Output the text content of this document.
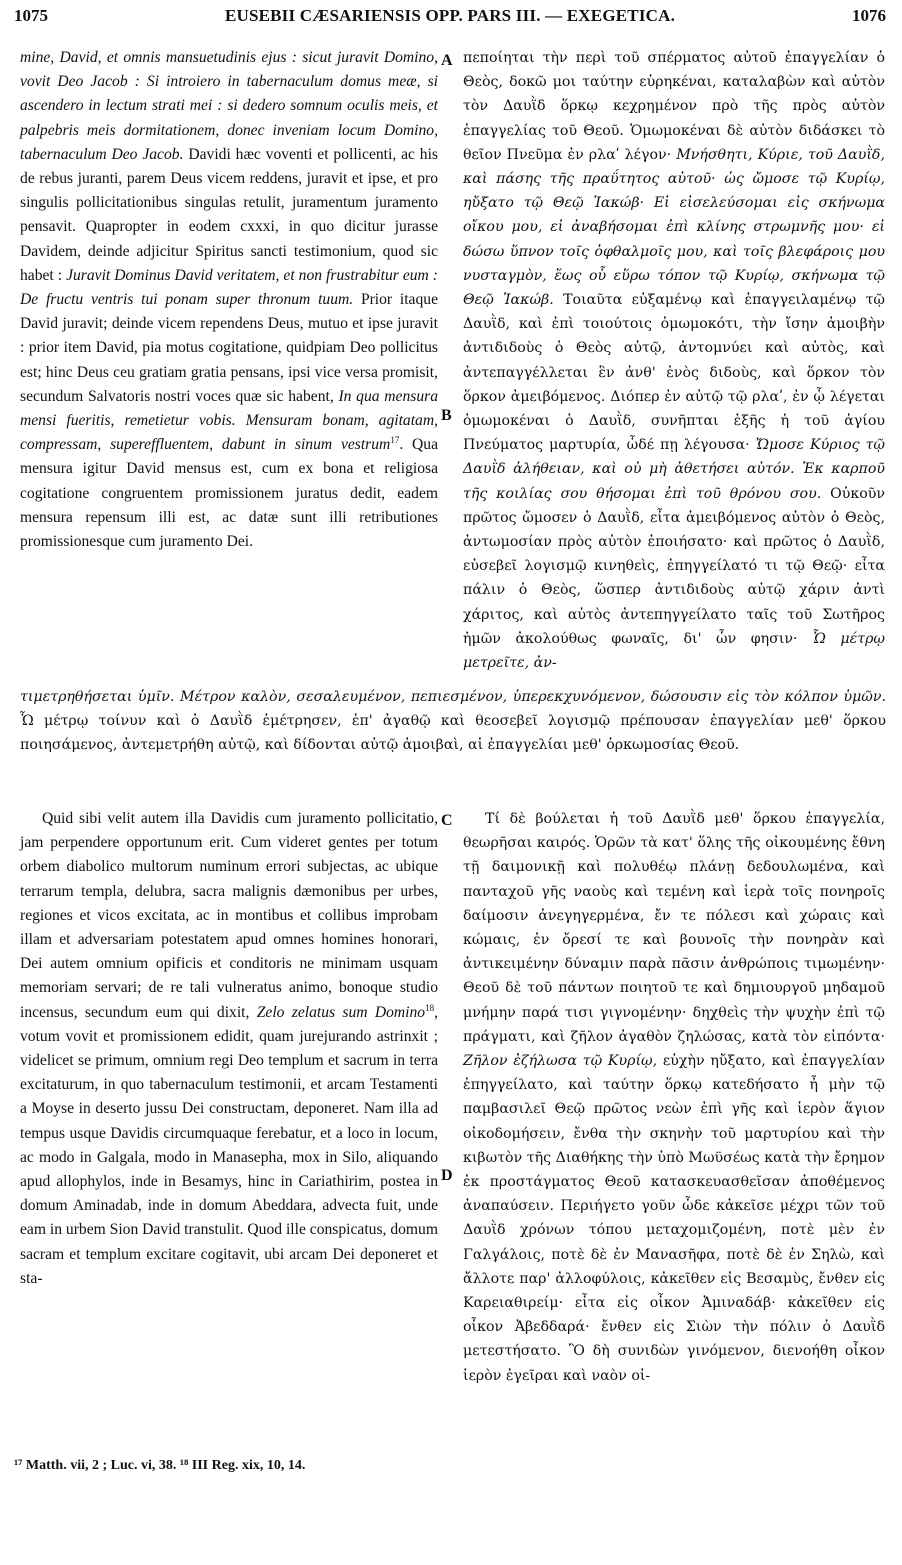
1075	EUSEBII CÆSARIENSIS OPP. PARS III. — EXEGETICA.	1076
A
B
C
D

mine, David, et omnis mansuetudinis ejus : sicut juravit Domino, vovit Deo Jacob : Si introiero in tabernaculum domus meæ, si ascendero in lectum strati mei : si dedero somnum oculis meis, et palpebris meis dormitationem, donec inveniam locum Domino, tabernaculum Deo Jacob. Davidi hæc voventi et pollicenti, ac his de rebus juranti, parem Deus vicem reddens, juravit et ipse, et pro singulis pollicitationibus singulas retulit, juramentum juramento pensavit. Quapropter in eodem cxxxi, in quo dicitur jurasse Davidem, deinde adjicitur Spiritus sancti testimonium, quod sic habet : Juravit Dominus David veritatem, et non frustrabitur eum : De fructu ventris tui ponam super thronum tuum. Prior itaque David juravit; deinde vicem rependens Deus, mutuo et ipse juravit : prior item David, pia motus cogitatione, quidpiam Deo pollicitus est; hinc Deus ceu gratiam gratia pensans, ipsi vice versa promisit, secundum Salvatoris nostri voces quæ sic habent, In qua mensura mensi fueritis, remetietur vobis. Mensuram bonam, agitatam, compressam, supereffluentem, dabunt in sinum vestrum$^{17}$. Qua mensura igitur David mensus est, cum ex bona et religiosa cogitatione congruentem promissionem juratus dedit, eadem mensura repensum illi est, ac datæ sunt illi retributiones promissionesque cum juramento Dei.

πεποίηται τὴν περὶ τοῦ σπέρματος αὐτοῦ ἐπαγγελίαν ὁ Θεὸς, δοκῶ μοι ταύτην εὑρηκέναι, καταλαβὼν καὶ αὐτὸν τὸν Δαυῒδ ὅρκῳ κεχρημένον πρὸ τῆς πρὸς αὐτὸν ἐπαγγελίας τοῦ Θεοῦ. Ὁμωμοκέναι δὲ αὐτὸν διδάσκει τὸ θεῖον Πνεῦμα ἐν ρλαʹ λέγον· Μνήσθητι, Κύριε, τοῦ Δαυῒδ, καὶ πάσης τῆς πραΰτητος αὐτοῦ· ὡς ὤμοσε τῷ Κυρίῳ, ηὔξατο τῷ Θεῷ Ἰακώβ· Εἰ εἰσελεύσομαι εἰς σκήνωμα οἴκου μου, εἰ ἀναβήσομαι ἐπὶ κλίνης στρωμνῆς μου· εἰ δώσω ὕπνον τοῖς ὀφθαλμοῖς μου, καὶ τοῖς βλεφάροις μου νυσταγμὸν, ἕως οὗ εὕρω τόπον τῷ Κυρίῳ, σκήνωμα τῷ Θεῷ Ἰακώβ. Τοιαῦτα εὐξαμένῳ καὶ ἐπαγγειλαμένῳ τῷ Δαυῒδ, καὶ ἐπὶ τοιούτοις ὀμωμοκότι, τὴν ἴσην ἀμοιβὴν ἀντιδιδοὺς ὁ Θεὸς αὐτῷ, ἀντομνύει καὶ αὐτὸς, καὶ ἀντεπαγγέλλεται ἓν ἀνθ' ἑνὸς διδοὺς, καὶ ὅρκον τὸν ὅρκον ἀμειβόμενος. Διόπερ ἐν αὐτῷ τῷ ρλαʹ, ἐν ᾧ λέγεται ὁμωμοκέναι ὁ Δαυῒδ, συνῆπται ἑξῆς ἡ τοῦ ἁγίου Πνεύματος μαρτυρία, ὧδέ πῃ λέγουσα· Ὤμοσε Κύριος τῷ Δαυῒδ ἀλήθειαν, καὶ οὐ μὴ ἀθετήσει αὐτόν. Ἐκ καρποῦ τῆς κοιλίας σου θήσομαι ἐπὶ τοῦ θρόνου σου. Οὐκοῦν πρῶτος ὤμοσεν ὁ Δαυῒδ, εἶτα ἀμειβόμενος αὐτὸν ὁ Θεὸς, ἀντωμοσίαν πρὸς αὐτὸν ἐποιήσατο· καὶ πρῶτος ὁ Δαυῒδ, εὐσεβεῖ λογισμῷ κινηθεὶς, ἐπηγγείλατό τι τῷ Θεῷ· εἶτα πάλιν ὁ Θεὸς, ὥσπερ ἀντιδιδοὺς αὐτῷ χάριν ἀντὶ χάριτος, καὶ αὐτὸς ἀντεπηγγείλατο ταῖς τοῦ Σωτῆρος ἡμῶν ἀκολούθως φωναῖς, δι' ὧν φησιν· Ὧ μέτρῳ μετρεῖτε, ἀν-

τιμετρηθήσεται ὑμῖν. Μέτρον καλὸν, σεσαλευμένον, πεπιεσμένον, ὑπερεκχυνόμενον, δώσουσιν εἰς τὸν κόλπον ὑμῶν. Ὧ μέτρῳ τοίνυν καὶ ὁ Δαυῒδ ἐμέτρησεν, ἐπ' ἀγαθῷ καὶ θεοσεβεῖ λογισμῷ πρέπουσαν ἐπαγγελίαν μεθ' ὅρκου ποιησάμενος, ἀντεμετρήθη αὐτῷ, καὶ δίδονται αὐτῷ ἀμοιβαὶ, αἱ ἐπαγγελίαι μεθ' ὁρκωμοσίας Θεοῦ.

Quid sibi velit autem illa Davidis cum juramento pollicitatio, jam perpendere opportunum erit. Cum videret gentes per totum orbem diabolico multorum numinum errori subjectas, ac ubique terrarum templa, delubra, sacra malignis dæmonibus per urbes, regiones et vicos excitata, ac in montibus et collibus improbam illam et adversariam potestatem apud omnes homines honorari, Dei autem omnium opificis et conditoris ne minimam usquam memoriam servari; de re tali vulneratus animo, bonoque studio incensus, secundum eum qui dixit, Zelo zelatus sum Domino$^{18}$, votum vovit et promissionem edidit, quam jurejurando astrinxit ; videlicet se primum, omnium regi Deo templum et sacrum in terra excitaturum, in quo tabernaculum testimonii, et arcam Testamenti a Moyse in deserto jussu Dei constructam, deponeret. Nam illa ad tempus usque Davidis circumquaque ferebatur, et a loco in locum, ac modo in Galgala, modo in Manasepha, mox in Silo, aliquando apud allophylos, inde in Besamys, hinc in Cariathirim, postea in domum Aminadab, inde in domum Abeddara, advecta fuit, unde eam in urbem Sion David transtulit. Quod ille conspicatus, domum sacram et templum excitare cogitavit, ubi arcam Dei deponeret et sta-

Τί δὲ βούλεται ἡ τοῦ Δαυῒδ μεθ' ὅρκου ἐπαγγελία, θεωρῆσαι καιρός. Ὁρῶν τὰ κατ' ὅλης τῆς οἰκουμένης ἔθνη τῇ δαιμονικῇ καὶ πολυθέῳ πλάνῃ δεδουλωμένα, καὶ πανταχοῦ γῆς ναοὺς καὶ τεμένη καὶ ἱερὰ τοῖς πονηροῖς δαίμοσιν ἀνεγηγερμένα, ἔν τε πόλεσι καὶ χώραις καὶ κώμαις, ἐν ὄρεσί τε καὶ βουνοῖς τὴν πονηρὰν καὶ ἀντικειμένην δύναμιν παρὰ πᾶσιν ἀνθρώποις τιμωμένην· Θεοῦ δὲ τοῦ πάντων ποιητοῦ τε καὶ δημιουργοῦ μηδαμοῦ μνήμην παρά τισι γιγνομένην· δηχθεὶς τὴν ψυχὴν ἐπὶ τῷ πράγματι, καὶ ζῆλον ἀγαθὸν ζηλώσας, κατὰ τὸν εἰπόντα· Ζῆλον ἐζήλωσα τῷ Κυρίῳ, εὐχὴν ηὔξατο, καὶ ἐπαγγελίαν ἐπηγγείλατο, καὶ ταύτην ὅρκῳ κατεδήσατο ἦ μὴν τῷ παμβασιλεῖ Θεῷ πρῶτος νεὼν ἐπὶ γῆς καὶ ἱερὸν ἅγιον οἰκοδομήσειν, ἔνθα τὴν σκηνὴν τοῦ μαρτυρίου καὶ τὴν κιβωτὸν τῆς Διαθήκης τὴν ὑπὸ Μωϋσέως κατὰ τὴν ἔρημον ἐκ προστάγματος Θεοῦ κατασκευασθεῖσαν ἀποθέμενος ἀναπαύσειν. Περιήγετο γοῦν ὧδε κἀκεῖσε μέχρι τῶν τοῦ Δαυῒδ χρόνων τόπου μεταχομιζομένη, ποτὲ μὲν ἐν Γαλγάλοις, ποτὲ δὲ ἐν Μανασῆφα, ποτὲ δὲ ἐν Σηλὼ, καὶ ἄλλοτε παρ' ἀλλοφύλοις, κἀκεῖθεν εἰς Βεσαμὺς, ἔνθεν εἰς Καρειαθιρείμ· εἶτα εἰς οἶκον Ἀμιναδάβ· κἀκεῖθεν εἰς οἶκον Ἀβεδδαρά· ἔνθεν εἰς Σιὼν τὴν πόλιν ὁ Δαυῒδ μετεστήσατο. Ὃ δὴ συνιδὼν γινόμενον, διενοήθη οἶκον ἱερὸν ἐγεῖραι καὶ ναὸν οἰ-

¹⁷ Matth. vii, 2 ; Luc. vi, 38. ¹⁸ III Reg. xix, 10, 14.
